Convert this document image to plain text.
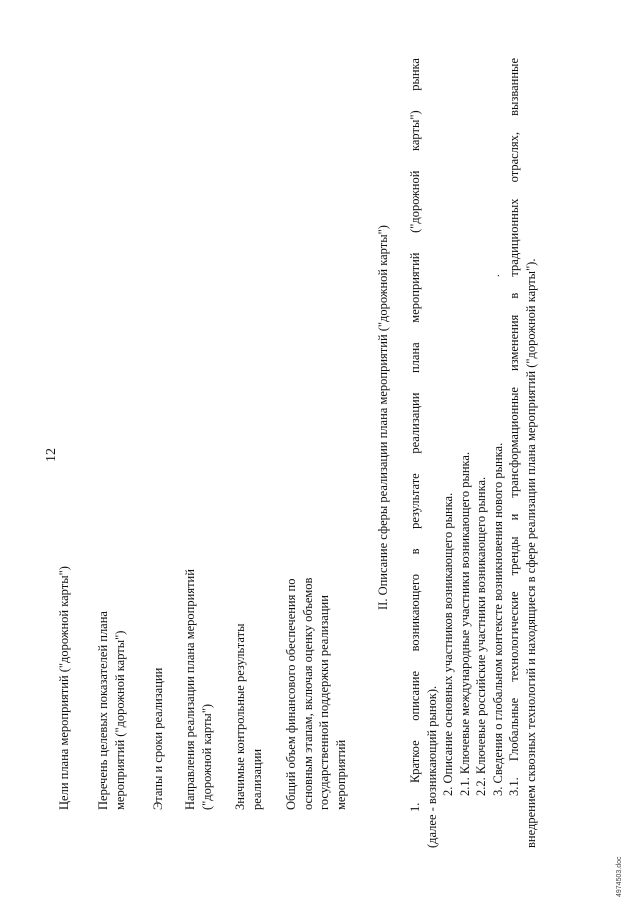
12
Цели плана мероприятий ("дорожной карты") Перечень целевых показателей плана мероприятий ("дорожной карты") Этапы и сроки реализации Направления реализации плана мероприятий ("дорожной карты") Значимые контрольные результаты реализации Общий объем финансового обеспечения по основным этапам, включая оценку объемов государственной поддержки реализации мероприятий
II. Описание сферы реализации плана мероприятий ("дорожной карты")	.
1. Краткое описание возникающего в результате реализации плана мероприятий ("дорожной карты") рынка (далее - возникающий рынок). 2. Описание основных участников возникающего рынка. 2.1. Ключевые международные участники возникающего рынка. 2.2. Ключевые российские участники возникающего рынка. 3. Сведения о глобальном контексте возникновения нового рынка. 3.1. Глобальные технологические тренды и трансформационные изменения в традиционных отраслях, вызванные внедрением сквозных технологий и находящиеся в сфере реализации плана мероприятий ("дорожной карты").
4974503.doc
